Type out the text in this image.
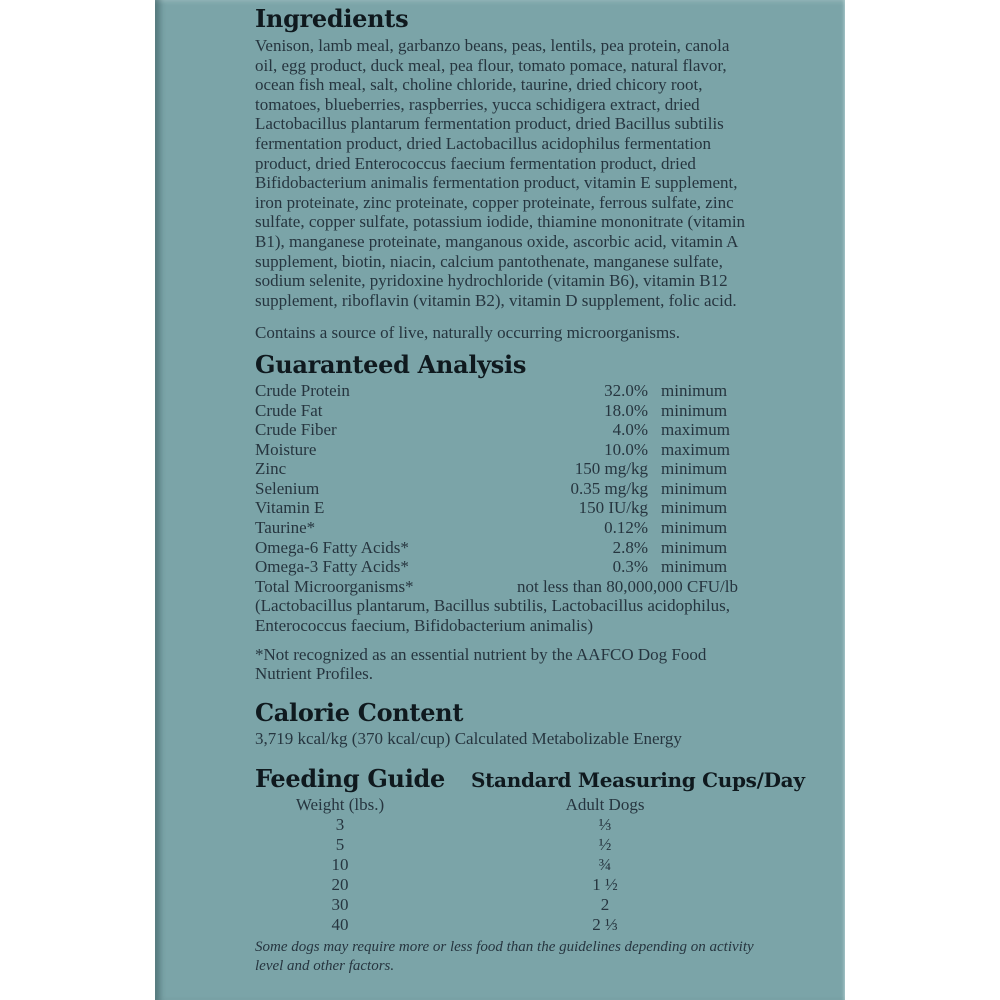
Ingredients

Venison, lamb meal, garbanzo beans, peas, lentils, pea protein, canola oil, egg product, duck meal, pea flour, tomato pomace, natural flavor, ocean fish meal, salt, choline chloride, taurine, dried chicory root, tomatoes, blueberries, raspberries, yucca schidigera extract, dried Lactobacillus plantarum fermentation product, dried Bacillus subtilis fermentation product, dried Lactobacillus acidophilus fermentation product, dried Enterococcus faecium fermentation product, dried Bifidobacterium animalis fermentation product, vitamin E supplement, iron proteinate, zinc proteinate, copper proteinate, ferrous sulfate, zinc sulfate, copper sulfate, potassium iodide, thiamine mononitrate (vitamin B1), manganese proteinate, manganous oxide, ascorbic acid, vitamin A supplement, biotin, niacin, calcium pantothenate, manganese sulfate, sodium selenite, pyridoxine hydrochloride (vitamin B6), vitamin B12 supplement, riboflavin (vitamin B2), vitamin D supplement, folic acid.

Contains a source of live, naturally occurring microorganisms.

Guaranteed Analysis
Crude Protein	32.0% minimum
Crude Fat	18.0% minimum
Crude Fiber	4.0% maximum
Moisture	10.0% maximum
Zinc	150 mg/kg minimum
Selenium	0.35 mg/kg minimum
Vitamin E	150 IU/kg minimum
Taurine*	0.12% minimum
Omega-6 Fatty Acids*	2.8% minimum
Omega-3 Fatty Acids*	0.3% minimum
Total Microorganisms*	not less than 80,000,000 CFU/lb

(Lactobacillus plantarum, Bacillus subtilis, Lactobacillus acidophilus, Enterococcus faecium, Bifidobacterium animalis)

*Not recognized as an essential nutrient by the AAFCO Dog Food Nutrient Profiles.

Calorie Content

3,719 kcal/kg (370 kcal/cup) Calculated Metabolizable Energy

Feeding Guide Standard Measuring Cups/Day
Weight (lbs.)	Adult Dogs
3	⅓
5	½
10	¾
20	1 ½
30	2
40	2 ⅓

Some dogs may require more or less food than the guidelines depending on activity level and other factors.
